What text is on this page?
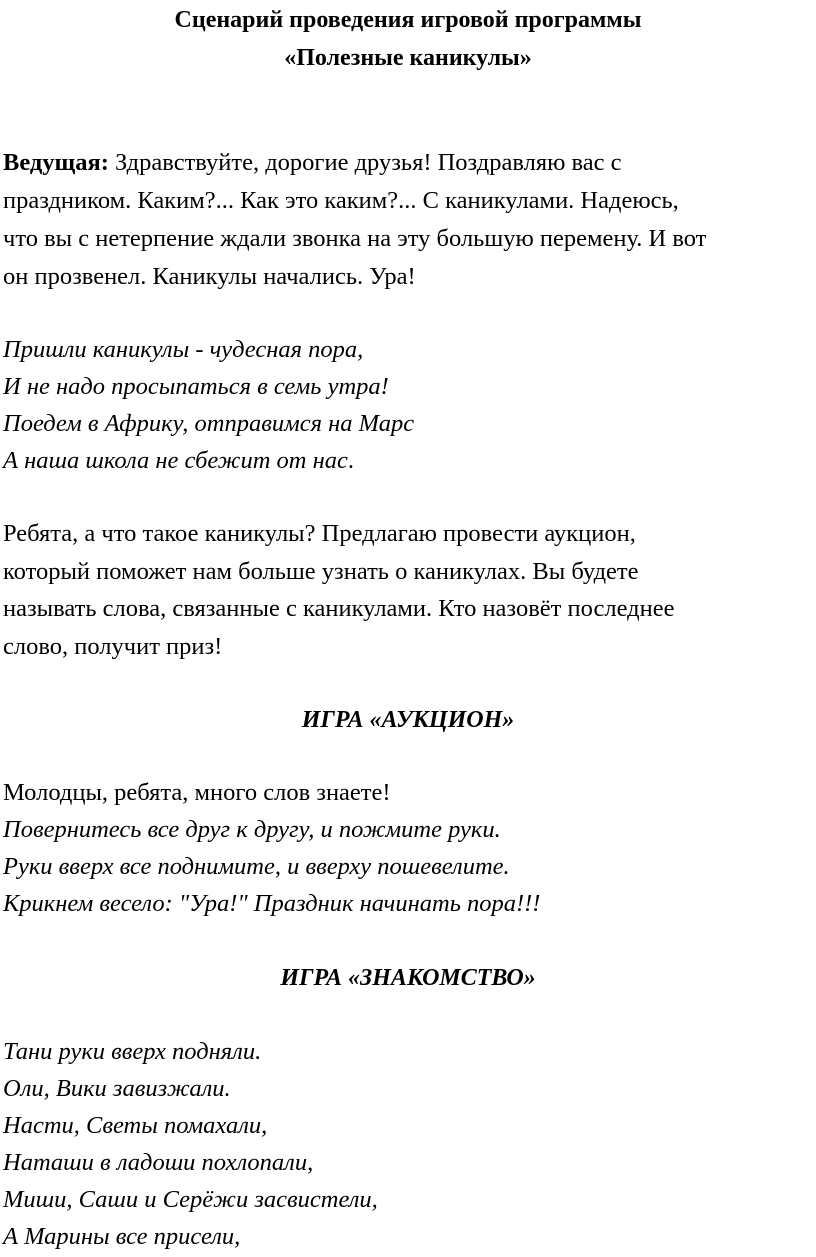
Сценарий проведения игровой программы
«Полезные каникулы»
Ведущая: Здравствуйте, дорогие друзья! Поздравляю вас с
праздником. Каким?... Как это каким?... С каникулами. Надеюсь,
что вы с нетерпение ждали звонка на эту большую перемену. И вот
он прозвенел. Каникулы начались. Ура!
Пришли каникулы - чудесная пора,
И не надо просыпаться в семь утра!
Поедем в Африку, отправимся на Марс
А наша школа не сбежит от нас.
Ребята, а что такое каникулы? Предлагаю провести аукцион,
который поможет нам больше узнать о каникулах. Вы будете
называть слова, связанные с каникулами. Кто назовёт последнее
слово, получит приз!
ИГРА «АУКЦИОН»
Молодцы, ребята, много слов знаете!
Повернитесь все друг к другу, и пожмите руки.
Руки вверх все поднимите, и вверху пошевелите.
Крикнем весело: "Ура!" Праздник начинать пора!!!
ИГРА «ЗНАКОМСТВО»
Тани руки вверх подняли.
Оли, Вики завизжали.
Насти, Светы помахали,
Наташи в ладоши похлопали,
Миши, Саши и Серёжи засвистели,
А Марины все присели,
